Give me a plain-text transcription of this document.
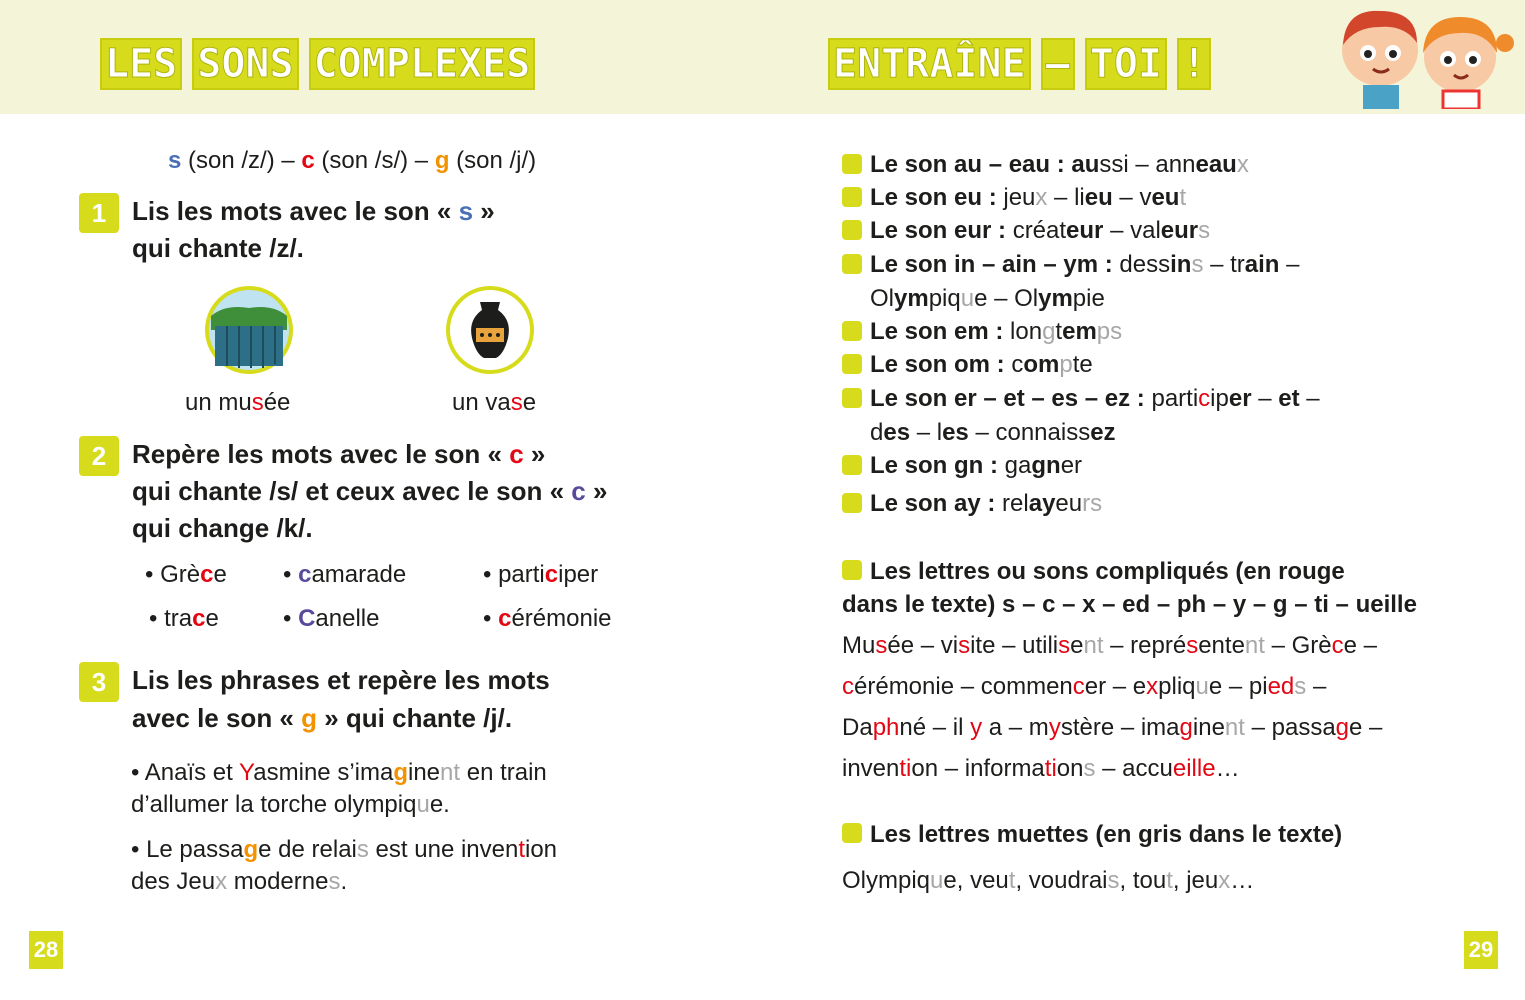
LES SONS COMPLEXES	ENTRAÎNE – TOI !

s (son /z/) – c (son /s/) – g (son /j/)

1 Lis les mots avec le son « s »

qui chante /z/.

un musée	un vase

2 Repère les mots avec le son « c »

qui chante /s/ et ceux avec le son « c »

qui change /k/.

• Grèce • camarade	• participer

• trace	• Canelle	• cérémonie

3 Lis les phrases et repère les mots

avec le son « g » qui chante /j/.

• Anaïs et Yasmine s’imaginent en train

d’allumer la torche olympique.

• Le passage de relais est une invention

des Jeux modernes.

28

Le son au – eau : aussi – anneaux

Le son eu : jeux – lieu – veut

Le son eur : créateur – valeurs

Le son in – ain – ym : dessins – train –

Olympique – Olympie

Le son em : longtemps

Le son om : compte

Le son er – et – es – ez : participer – et –

des – les – connaissez

Le son gn : gagner

Le son ay : relayeurs

Les lettres ou sons compliqués (en rouge

dans le texte) s – c – x – ed – ph – y – g – ti – ueille

Musée – visite – utilisent – représentent – Grèce –

cérémonie – commencer – explique – pieds –

Daphné – il y a – mystère – imaginent – passage –

invention – informations – accueille…

Les lettres muettes (en gris dans le texte)

Olympique, veut, voudrais, tout, jeux…

29
